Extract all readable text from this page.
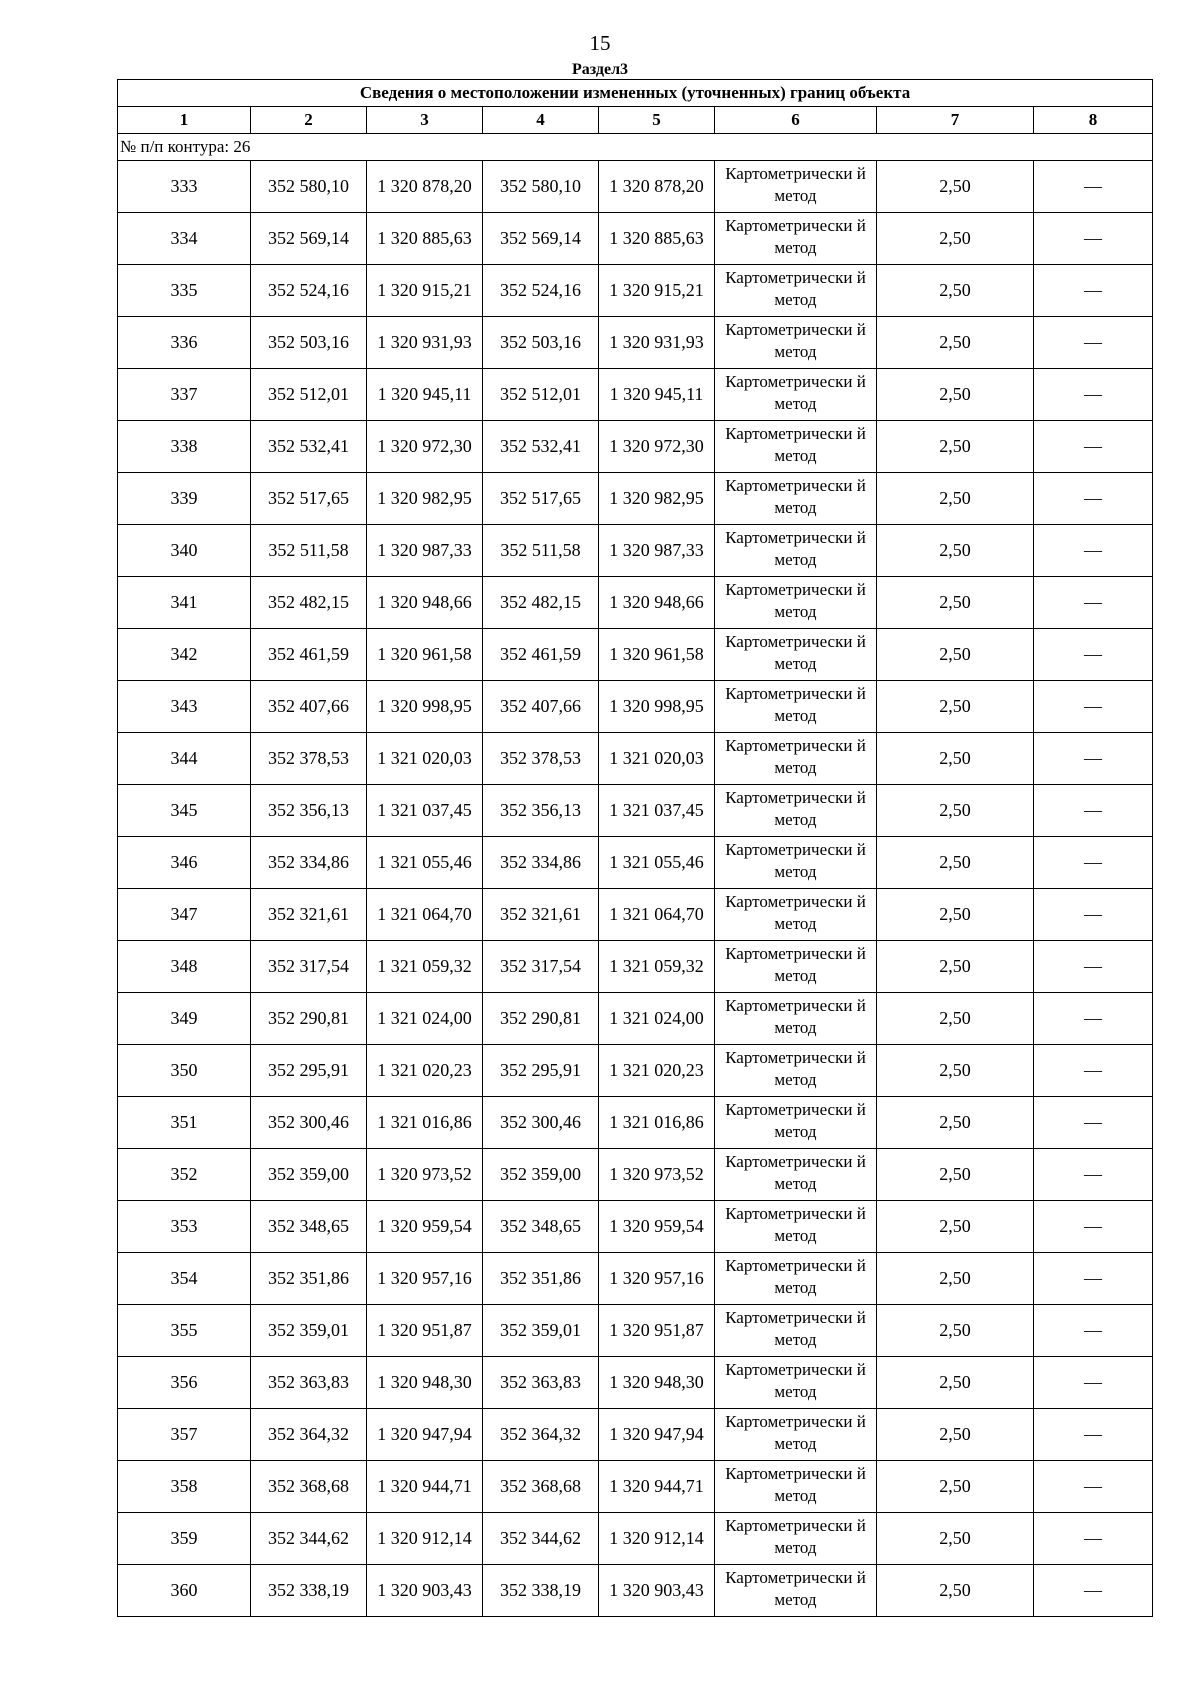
15
Раздел3
Сведения о местоположении измененных (уточненных) границ объекта							
1	2	3	4	5	6	7	8
№ п/п контура: 26							
333	352 580,10	1 320 878,20	352 580,10	1 320 878,20	Картометрически й метод	2,50	—
334	352 569,14	1 320 885,63	352 569,14	1 320 885,63	Картометрически й метод	2,50	—
335	352 524,16	1 320 915,21	352 524,16	1 320 915,21	Картометрически й метод	2,50	—
336	352 503,16	1 320 931,93	352 503,16	1 320 931,93	Картометрически й метод	2,50	—
337	352 512,01	1 320 945,11	352 512,01	1 320 945,11	Картометрически й метод	2,50	—
338	352 532,41	1 320 972,30	352 532,41	1 320 972,30	Картометрически й метод	2,50	—
339	352 517,65	1 320 982,95	352 517,65	1 320 982,95	Картометрически й метод	2,50	—
340	352 511,58	1 320 987,33	352 511,58	1 320 987,33	Картометрически й метод	2,50	—
341	352 482,15	1 320 948,66	352 482,15	1 320 948,66	Картометрически й метод	2,50	—
342	352 461,59	1 320 961,58	352 461,59	1 320 961,58	Картометрически й метод	2,50	—
343	352 407,66	1 320 998,95	352 407,66	1 320 998,95	Картометрически й метод	2,50	—
344	352 378,53	1 321 020,03	352 378,53	1 321 020,03	Картометрически й метод	2,50	—
345	352 356,13	1 321 037,45	352 356,13	1 321 037,45	Картометрически й метод	2,50	—
346	352 334,86	1 321 055,46	352 334,86	1 321 055,46	Картометрически й метод	2,50	—
347	352 321,61	1 321 064,70	352 321,61	1 321 064,70	Картометрически й метод	2,50	—
348	352 317,54	1 321 059,32	352 317,54	1 321 059,32	Картометрически й метод	2,50	—
349	352 290,81	1 321 024,00	352 290,81	1 321 024,00	Картометрически й метод	2,50	—
350	352 295,91	1 321 020,23	352 295,91	1 321 020,23	Картометрически й метод	2,50	—
351	352 300,46	1 321 016,86	352 300,46	1 321 016,86	Картометрически й метод	2,50	—
352	352 359,00	1 320 973,52	352 359,00	1 320 973,52	Картометрически й метод	2,50	—
353	352 348,65	1 320 959,54	352 348,65	1 320 959,54	Картометрически й метод	2,50	—
354	352 351,86	1 320 957,16	352 351,86	1 320 957,16	Картометрически й метод	2,50	—
355	352 359,01	1 320 951,87	352 359,01	1 320 951,87	Картометрически й метод	2,50	—
356	352 363,83	1 320 948,30	352 363,83	1 320 948,30	Картометрически й метод	2,50	—
357	352 364,32	1 320 947,94	352 364,32	1 320 947,94	Картометрически й метод	2,50	—
358	352 368,68	1 320 944,71	352 368,68	1 320 944,71	Картометрически й метод	2,50	—
359	352 344,62	1 320 912,14	352 344,62	1 320 912,14	Картометрически й метод	2,50	—
360	352 338,19	1 320 903,43	352 338,19	1 320 903,43	Картометрически й метод	2,50	—
